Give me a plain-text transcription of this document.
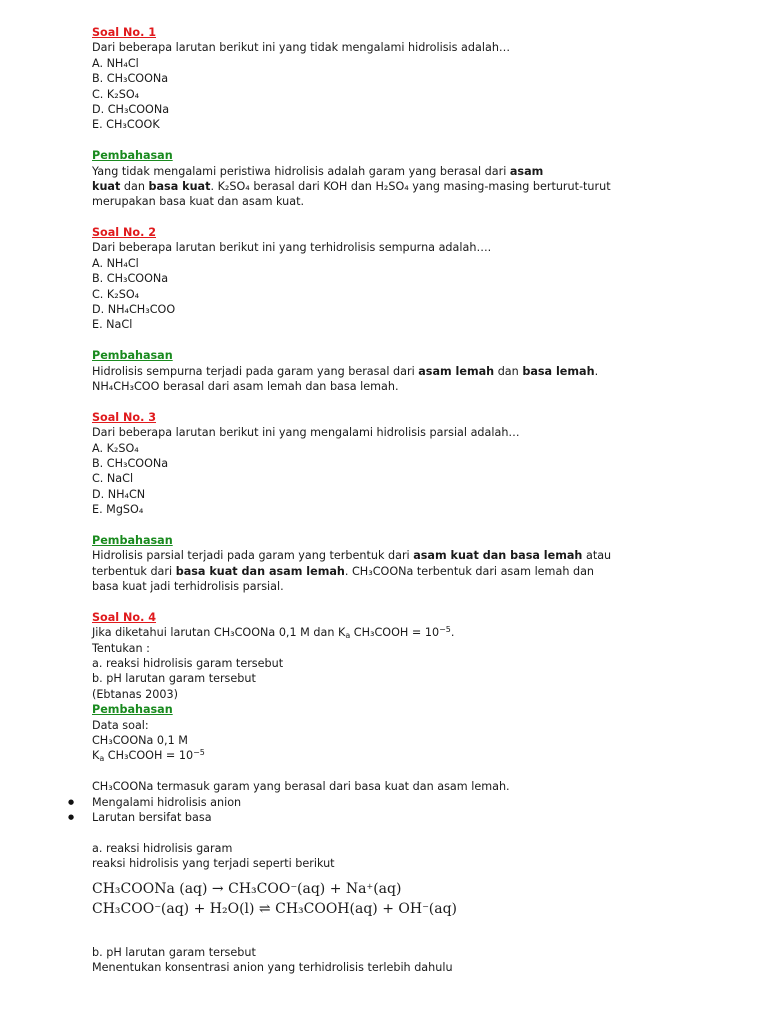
Soal No. 1
Dari beberapa larutan berikut ini yang tidak mengalami hidrolisis adalah…
A. NH₄Cl
B. CH₃COONa
C. K₂SO₄
D. CH₃COONa
E. CH₃COOK
Pembahasan
Yang tidak mengalami peristiwa hidrolisis adalah garam yang berasal dari asam
kuat dan basa kuat. K₂SO₄ berasal dari KOH dan H₂SO₄ yang masing-masing berturut-turut
merupakan basa kuat dan asam kuat.
Soal No. 2
Dari beberapa larutan berikut ini yang terhidrolisis sempurna adalah….
A. NH₄Cl
B. CH₃COONa
C. K₂SO₄
D. NH₄CH₃COO
E. NaCl
Pembahasan
Hidrolisis sempurna terjadi pada garam yang berasal dari asam lemah dan basa lemah.
NH₄CH₃COO berasal dari asam lemah dan basa lemah.
Soal No. 3
Dari beberapa larutan berikut ini yang mengalami hidrolisis parsial adalah…
A. K₂SO₄
B. CH₃COONa
C. NaCl
D. NH₄CN
E. MgSO₄
Pembahasan
Hidrolisis parsial terjadi pada garam yang terbentuk dari asam kuat dan basa lemah atau
terbentuk dari basa kuat dan asam lemah. CH₃COONa terbentuk dari asam lemah dan
basa kuat jadi terhidrolisis parsial.
Soal No. 4
Jika diketahui larutan CH₃COONa 0,1 M dan $K_a$ CH₃COOH = $10^{-5}$.
Tentukan :
a. reaksi hidrolisis garam tersebut
b. pH larutan garam tersebut
(Ebtanas 2003)
Pembahasan
Data soal:
CH₃COONa 0,1 M
$K_a$ CH₃COOH = $10^{-5}$
CH₃COONa termasuk garam yang berasal dari basa kuat dan asam lemah.
● Mengalami hidrolisis anion
● Larutan bersifat basa
a. reaksi hidrolisis garam
reaksi hidrolisis yang terjadi seperti berikut
CH₃COONa (aq) → CH₃COO−(aq) + Na+(aq)
CH₃COO−(aq) + H₂O(l) ⇌ CH₃COOH(aq) + OH−(aq)
b. pH larutan garam tersebut
Menentukan konsentrasi anion yang terhidrolisis terlebih dahulu
